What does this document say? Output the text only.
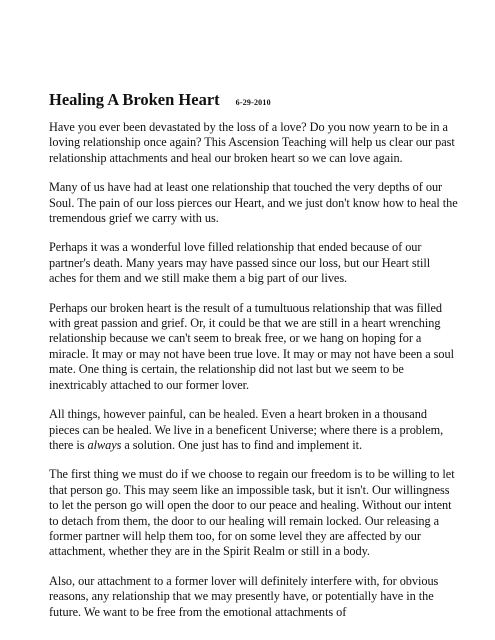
Healing A Broken Heart 6-29-2010

Have you ever been devastated by the loss of a love? Do you now yearn to be in a loving relationship once again? This Ascension Teaching will help us clear our past relationship attachments and heal our broken heart so we can love again.

Many of us have had at least one relationship that touched the very depths of our Soul. The pain of our loss pierces our Heart, and we just don't know how to heal the tremendous grief we carry with us.

Perhaps it was a wonderful love filled relationship that ended because of our partner's death. Many years may have passed since our loss, but our Heart still aches for them and we still make them a big part of our lives.

Perhaps our broken heart is the result of a tumultuous relationship that was filled with great passion and grief. Or, it could be that we are still in a heart wrenching relationship because we can't seem to break free, or we hang on hoping for a miracle. It may or may not have been true love. It may or may not have been a soul mate. One thing is certain, the relationship did not last but we seem to be inextricably attached to our former lover.

All things, however painful, can be healed. Even a heart broken in a thousand pieces can be healed. We live in a beneficent Universe; where there is a problem, there is always a solution. One just has to find and implement it.

The first thing we must do if we choose to regain our freedom is to be willing to let that person go. This may seem like an impossible task, but it isn't. Our willingness to let the person go will open the door to our peace and healing. Without our intent to detach from them, the door to our healing will remain locked. Our releasing a former partner will help them too, for on some level they are affected by our attachment, whether they are in the Spirit Realm or still in a body.

Also, our attachment to a former lover will definitely interfere with, for obvious reasons, any relationship that we may presently have, or potentially have in the future. We want to be free from the emotional attachments of
